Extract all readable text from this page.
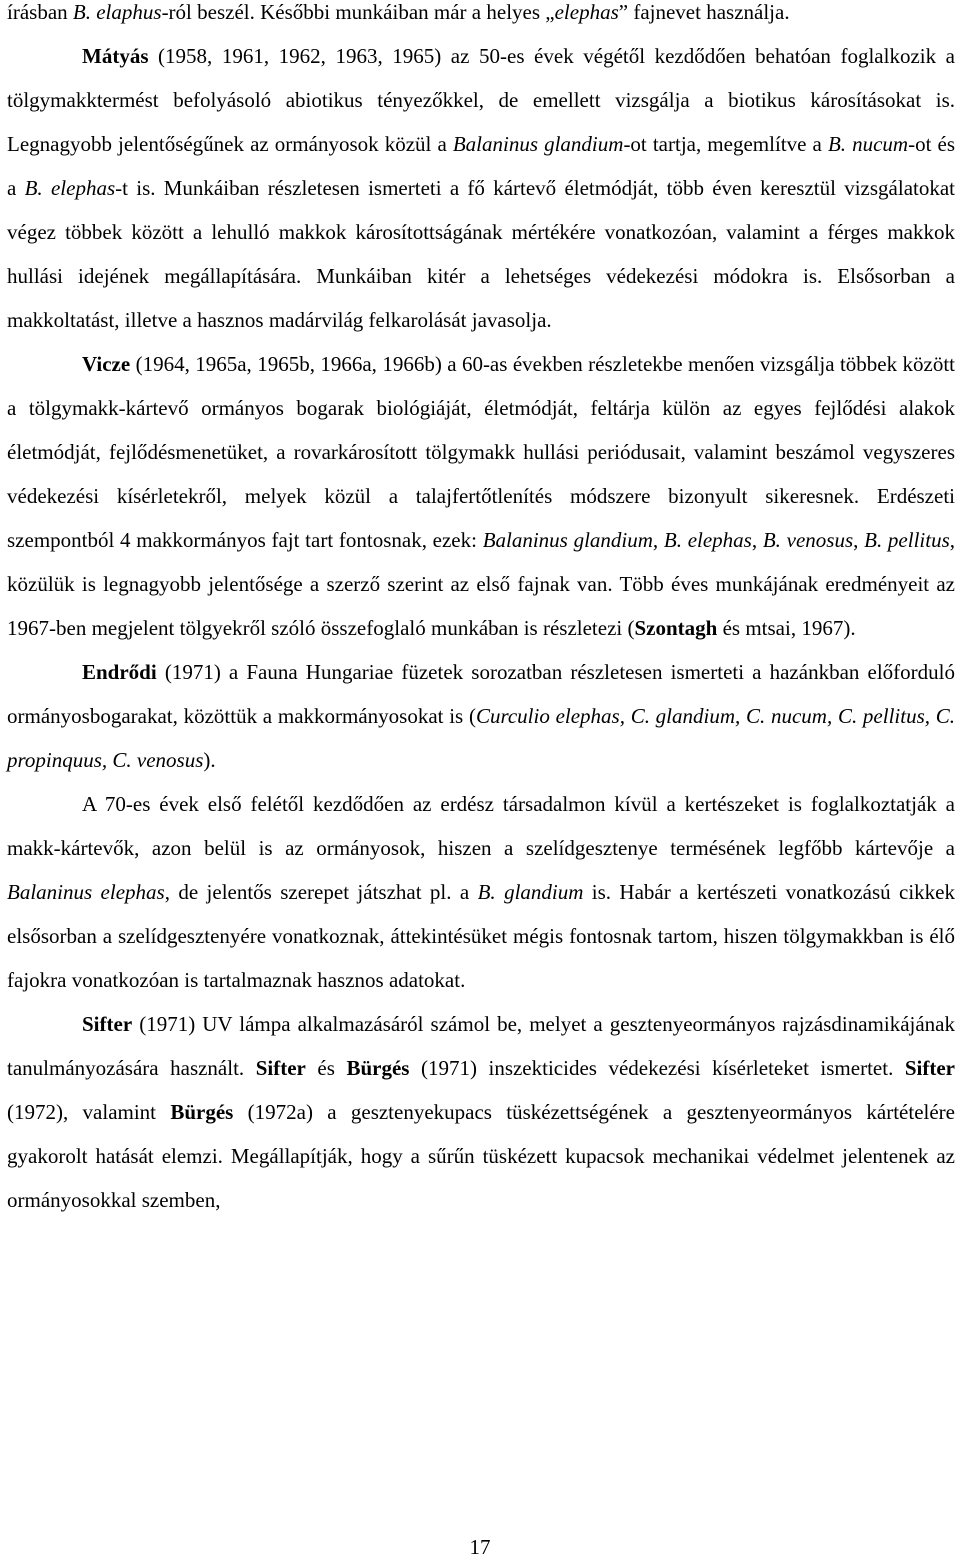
írásban B. elaphus-ról beszél. Későbbi munkáiban már a helyes „elephas” fajnevet használja.

Mátyás (1958, 1961, 1962, 1963, 1965) az 50-es évek végétől kezdődően behatóan foglalkozik a tölgymakktermést befolyásoló abiotikus tényezőkkel, de emellett vizsgálja a biotikus károsításokat is. Legnagyobb jelentőségűnek az ormányosok közül a Balaninus glandium-ot tartja, megemlítve a B. nucum-ot és a B. elephas-t is. Munkáiban részletesen ismerteti a fő kártevő életmódját, több éven keresztül vizsgálatokat végez többek között a lehulló makkok károsítottságának mértékére vonatkozóan, valamint a férges makkok hullási idejének megállapítására. Munkáiban kitér a lehetséges védekezési módokra is. Elsősorban a makkoltatást, illetve a hasznos madárvilág felkarolását javasolja.

Vicze (1964, 1965a, 1965b, 1966a, 1966b) a 60-as években részletekbe menően vizsgálja többek között a tölgymakk-kártevő ormányos bogarak biológiáját, életmódját, feltárja külön az egyes fejlődési alakok életmódját, fejlődésmenetüket, a rovarkárosított tölgymakk hullási periódusait, valamint beszámol vegyszeres védekezési kísérletekről, melyek közül a talajfertőtlenítés módszere bizonyult sikeresnek. Erdészeti szempontból 4 makkormányos fajt tart fontosnak, ezek: Balaninus glandium, B. elephas, B. venosus, B. pellitus, közülük is legnagyobb jelentősége a szerző szerint az első fajnak van. Több éves munkájának eredményeit az 1967-ben megjelent tölgyekről szóló összefoglaló munkában is részletezi (Szontagh és mtsai, 1967).

Endrődi (1971) a Fauna Hungariae füzetek sorozatban részletesen ismerteti a hazánkban előforduló ormányosbogarakat, közöttük a makkormányosokat is (Curculio elephas, C. glandium, C. nucum, C. pellitus, C. propinquus, C. venosus).

A 70-es évek első felétől kezdődően az erdész társadalmon kívül a kertészeket is foglalkoztatják a makk-kártevők, azon belül is az ormányosok, hiszen a szelídgesztenye termésének legfőbb kártevője a Balaninus elephas, de jelentős szerepet játszhat pl. a B. glandium is. Habár a kertészeti vonatkozású cikkek elsősorban a szelídgesztenyére vonatkoznak, áttekintésüket mégis fontosnak tartom, hiszen tölgymakkban is élő fajokra vonatkozóan is tartalmaznak hasznos adatokat.

Sifter (1971) UV lámpa alkalmazásáról számol be, melyet a gesztenyeormányos rajzásdinamikájának tanulmányozására használt. Sifter és Bürgés (1971) inszekticides védekezési kísérleteket ismertet. Sifter (1972), valamint Bürgés (1972a) a gesztenyekupacs tüskézettségének a gesztenyeormányos kártételére gyakorolt hatását elemzi. Megállapítják, hogy a sűrűn tüskézett kupacsok mechanikai védelmet jelentenek az ormányosokkal szemben,

17
